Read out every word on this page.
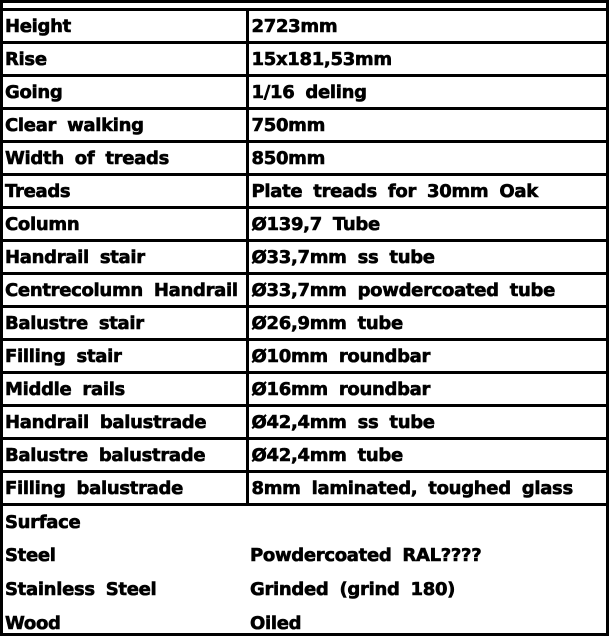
Height	2723mm
Rise	15x181,53mm
Going	1/16 deling
Clear walking	750mm
Width of treads	850mm
Treads	Plate treads for 30mm Oak
Column	Ø139,7 Tube
Handrail stair	Ø33,7mm ss tube
Centrecolumn Handrail	Ø33,7mm powdercoated tube
Balustre stair	Ø26,9mm tube
Filling stair	Ø10mm roundbar
Middle rails	Ø16mm roundbar
Handrail balustrade	Ø42,4mm ss tube
Balustre balustrade	Ø42,4mm tube
Filling balustrade	8mm laminated, toughed glass
Surface	
Steel	Powdercoated RAL????
Stainless Steel	Grinded (grind 180)
Wood	Oiled
